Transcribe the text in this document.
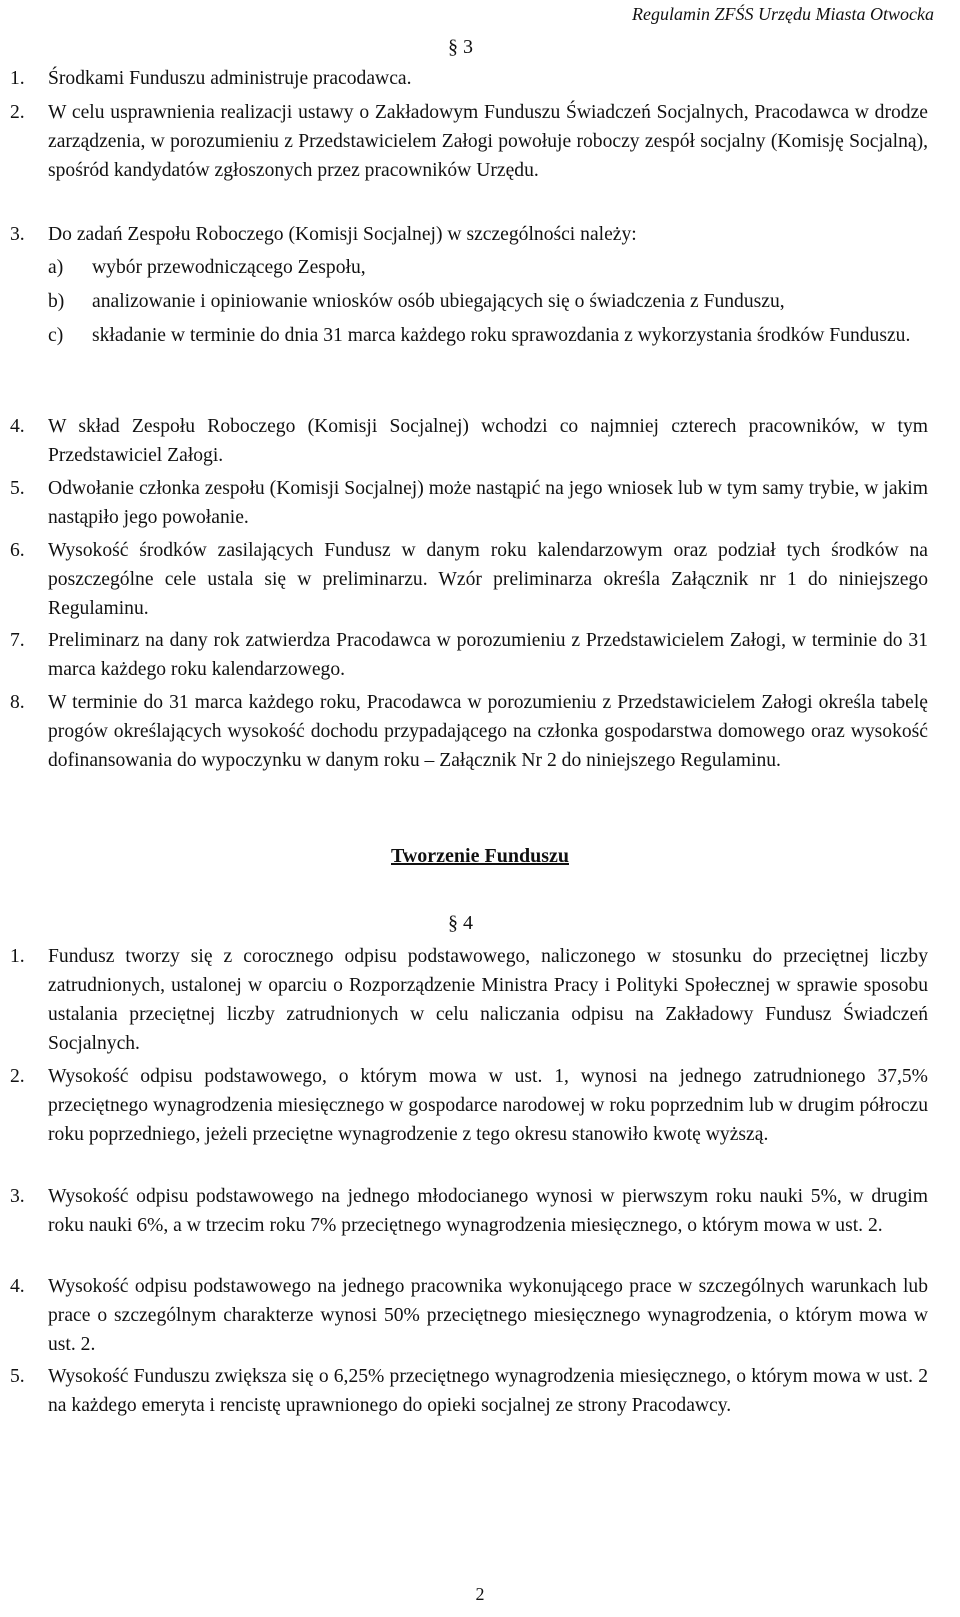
Regulamin ZFŚS Urzędu Miasta Otwocka
§ 3
1.	Środkami Funduszu administruje pracodawca.
2.	W celu usprawnienia realizacji ustawy o Zakładowym Funduszu Świadczeń Socjalnych, Pracodawca w drodze zarządzenia, w porozumieniu z Przedstawicielem Załogi powołuje roboczy zespół socjalny (Komisję Socjalną), spośród kandydatów zgłoszonych przez pracowników Urzędu.
3.	Do zadań Zespołu Roboczego (Komisji Socjalnej) w szczególności należy:
a)	wybór przewodniczącego Zespołu,
b)	analizowanie i opiniowanie wniosków osób ubiegających się o świadczenia z Funduszu,
c)	składanie w terminie do dnia 31 marca każdego roku sprawozdania z wykorzystania środków Funduszu.
4.	W skład Zespołu Roboczego (Komisji Socjalnej) wchodzi co najmniej czterech pracowników, w tym Przedstawiciel Załogi.
5.	Odwołanie członka zespołu (Komisji Socjalnej) może nastąpić na jego wniosek lub w tym samy trybie, w jakim nastąpiło jego powołanie.
6.	Wysokość środków zasilających Fundusz w danym roku kalendarzowym oraz podział tych środków na poszczególne cele ustala się w preliminarzu. Wzór preliminarza określa Załącznik nr 1 do niniejszego Regulaminu.
7.	Preliminarz na dany rok zatwierdza Pracodawca w porozumieniu z Przedstawicielem Załogi, w terminie do 31 marca każdego roku kalendarzowego.
8.	W terminie do 31 marca każdego roku, Pracodawca w porozumieniu z Przedstawicielem Załogi określa tabelę progów określających wysokość dochodu przypadającego na członka gospodarstwa domowego oraz wysokość dofinansowania do wypoczynku w danym roku – Załącznik Nr 2 do niniejszego Regulaminu.
Tworzenie Funduszu
§ 4
1.	Fundusz tworzy się z corocznego odpisu podstawowego, naliczonego w stosunku do przeciętnej liczby zatrudnionych, ustalonej w oparciu o Rozporządzenie Ministra Pracy i Polityki Społecznej w sprawie sposobu ustalania przeciętnej liczby zatrudnionych w celu naliczania odpisu na Zakładowy Fundusz Świadczeń Socjalnych.
2.	Wysokość odpisu podstawowego, o którym mowa w ust. 1, wynosi na jednego zatrudnionego 37,5% przeciętnego wynagrodzenia miesięcznego w gospodarce narodowej w roku poprzednim lub w drugim półroczu roku poprzedniego, jeżeli przeciętne wynagrodzenie z tego okresu stanowiło kwotę wyższą.
3.	Wysokość odpisu podstawowego na jednego młodocianego wynosi w pierwszym roku nauki 5%, w drugim roku nauki 6%, a w trzecim roku 7% przeciętnego wynagrodzenia miesięcznego, o którym mowa w ust. 2.
4.	Wysokość odpisu podstawowego na jednego pracownika wykonującego prace w szczególnych warunkach lub prace o szczególnym charakterze wynosi 50% przeciętnego miesięcznego wynagrodzenia, o którym mowa w ust. 2.
5.	Wysokość Funduszu zwiększa się o 6,25% przeciętnego wynagrodzenia miesięcznego, o którym mowa w ust. 2 na każdego emeryta i rencistę uprawnionego do opieki socjalnej ze strony Pracodawcy.
2
